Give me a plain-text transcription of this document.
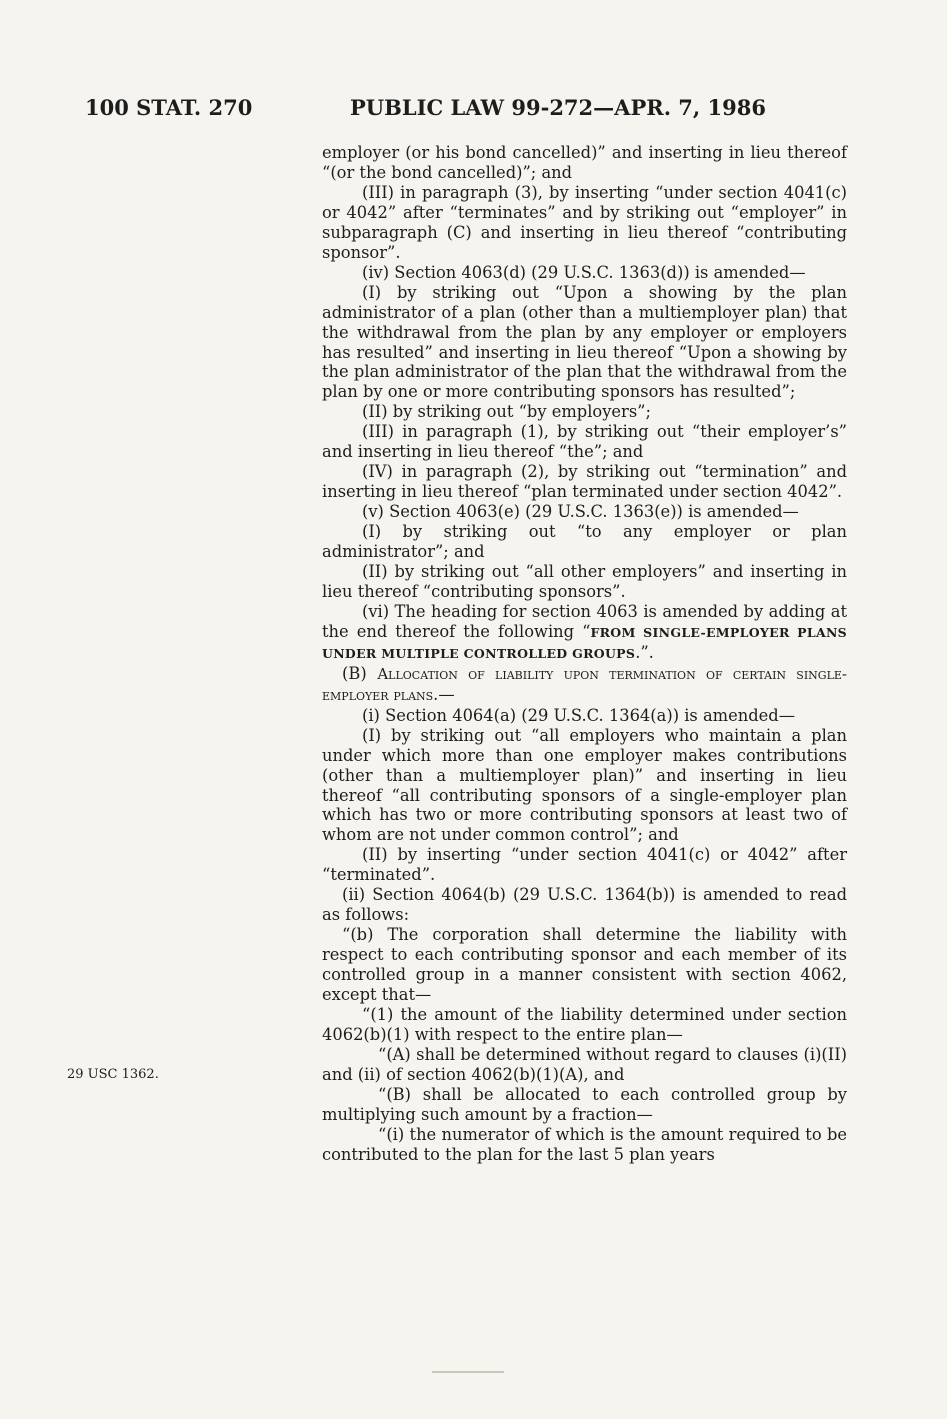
100 STAT. 270	PUBLIC LAW 99-272—APR. 7, 1986
29 USC 1362.

employer (or his bond cancelled)” and inserting in lieu thereof “(or the bond cancelled)”; and

(III) in paragraph (3), by inserting “under section 4041(c) or 4042” after “terminates” and by striking out “employer” in subparagraph (C) and inserting in lieu thereof “contributing sponsor”.

(iv) Section 4063(d) (29 U.S.C. 1363(d)) is amended—

(I) by striking out “Upon a showing by the plan administrator of a plan (other than a multiemployer plan) that the withdrawal from the plan by any employer or employers has resulted” and inserting in lieu thereof “Upon a showing by the plan administrator of the plan that the withdrawal from the plan by one or more contributing sponsors has resulted”;

(II) by striking out “by employers”;

(III) in paragraph (1), by striking out “their employer’s” and inserting in lieu thereof “the”; and

(IV) in paragraph (2), by striking out “termination” and inserting in lieu thereof “plan terminated under section 4042”.

(v) Section 4063(e) (29 U.S.C. 1363(e)) is amended—

(I) by striking out “to any employer or plan administrator”; and

(II) by striking out “all other employers” and inserting in lieu thereof “contributing sponsors”.

(vi) The heading for section 4063 is amended by adding at the end thereof the following “FROM SINGLE-EMPLOYER PLANS UNDER MULTIPLE CONTROLLED GROUPS.”.

(B) Allocation of liability upon termination of certain single-employer plans.—

(i) Section 4064(a) (29 U.S.C. 1364(a)) is amended—

(I) by striking out “all employers who maintain a plan under which more than one employer makes contributions (other than a multiemployer plan)” and inserting in lieu thereof “all contributing sponsors of a single-employer plan which has two or more contributing sponsors at least two of whom are not under common control”; and

(II) by inserting “under section 4041(c) or 4042” after “terminated”.

(ii) Section 4064(b) (29 U.S.C. 1364(b)) is amended to read as follows:

“(b) The corporation shall determine the liability with respect to each contributing sponsor and each member of its controlled group in a manner consistent with section 4062, except that—

“(1) the amount of the liability determined under section 4062(b)(1) with respect to the entire plan—

“(A) shall be determined without regard to clauses (i)(II) and (ii) of section 4062(b)(1)(A), and

“(B) shall be allocated to each controlled group by multiplying such amount by a fraction—

“(i) the numerator of which is the amount required to be contributed to the plan for the last 5 plan years
